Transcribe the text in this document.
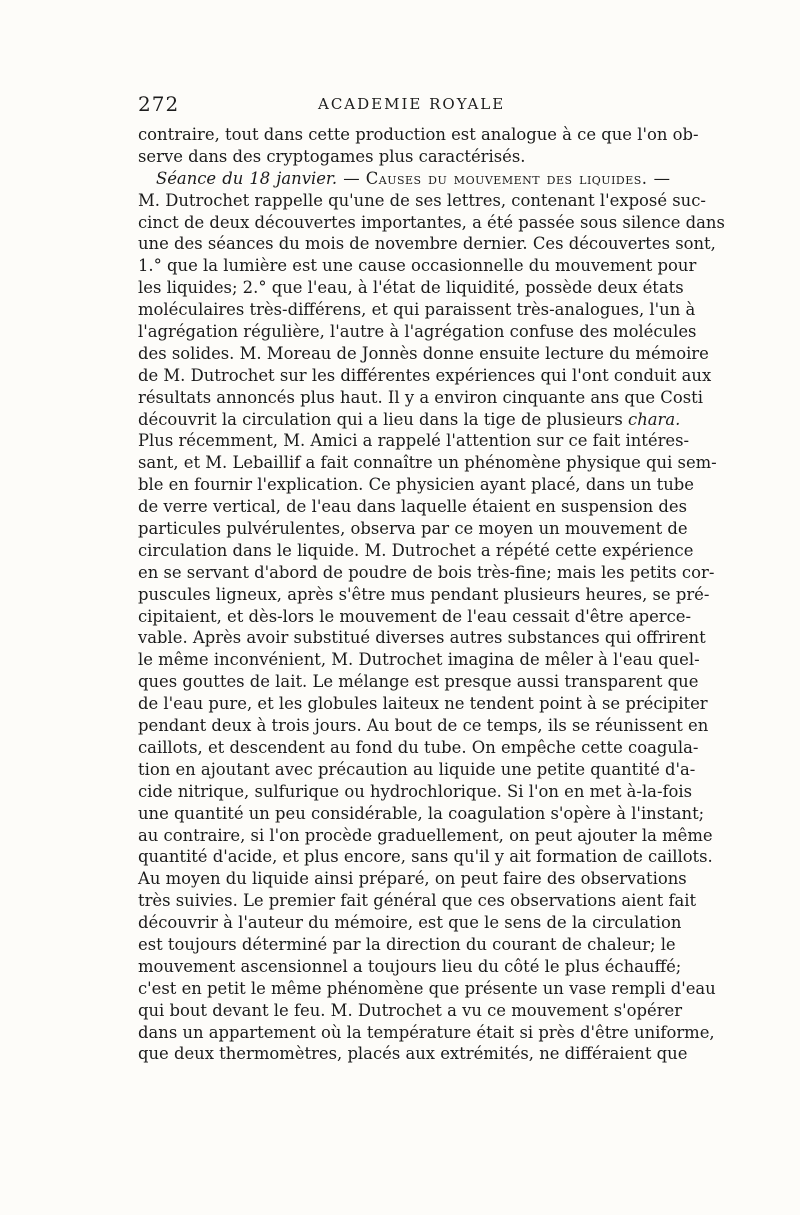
272	ACADEMIE ROYALE
contraire, tout dans cette production est analogue à ce que l'on ob-
serve dans des cryptogames plus caractérisés.
Séance du 18 janvier. — Causes du mouvement des liquides. —
M. Dutrochet rappelle qu'une de ses lettres, contenant l'exposé suc-
cinct de deux découvertes importantes, a été passée sous silence dans
une des séances du mois de novembre dernier. Ces découvertes sont,
1.° que la lumière est une cause occasionnelle du mouvement pour
les liquides; 2.° que l'eau, à l'état de liquidité, possède deux états
moléculaires très-différens, et qui paraissent très-analogues, l'un à
l'agrégation régulière, l'autre à l'agrégation confuse des molécules
des solides. M. Moreau de Jonnès donne ensuite lecture du mémoire
de M. Dutrochet sur les différentes expériences qui l'ont conduit aux
résultats annoncés plus haut. Il y a environ cinquante ans que Costi
découvrit la circulation qui a lieu dans la tige de plusieurs chara.
Plus récemment, M. Amici a rappelé l'attention sur ce fait intéres-
sant, et M. Lebaillif a fait connaître un phénomène physique qui sem-
ble en fournir l'explication. Ce physicien ayant placé, dans un tube
de verre vertical, de l'eau dans laquelle étaient en suspension des
particules pulvérulentes, observa par ce moyen un mouvement de
circulation dans le liquide. M. Dutrochet a répété cette expérience
en se servant d'abord de poudre de bois très-fine; mais les petits cor-
puscules ligneux, après s'être mus pendant plusieurs heures, se pré-
cipitaient, et dès-lors le mouvement de l'eau cessait d'être aperce-
vable. Après avoir substitué diverses autres substances qui offrirent
le même inconvénient, M. Dutrochet imagina de mêler à l'eau quel-
ques gouttes de lait. Le mélange est presque aussi transparent que
de l'eau pure, et les globules laiteux ne tendent point à se précipiter
pendant deux à trois jours. Au bout de ce temps, ils se réunissent en
caillots, et descendent au fond du tube. On empêche cette coagula-
tion en ajoutant avec précaution au liquide une petite quantité d'a-
cide nitrique, sulfurique ou hydrochlorique. Si l'on en met à-la-fois
une quantité un peu considérable, la coagulation s'opère à l'instant;
au contraire, si l'on procède graduellement, on peut ajouter la même
quantité d'acide, et plus encore, sans qu'il y ait formation de caillots.
Au moyen du liquide ainsi préparé, on peut faire des observations
très suivies. Le premier fait général que ces observations aient fait
découvrir à l'auteur du mémoire, est que le sens de la circulation
est toujours déterminé par la direction du courant de chaleur; le
mouvement ascensionnel a toujours lieu du côté le plus échauffé;
c'est en petit le même phénomène que présente un vase rempli d'eau
qui bout devant le feu. M. Dutrochet a vu ce mouvement s'opérer
dans un appartement où la température était si près d'être uniforme,
que deux thermomètres, placés aux extrémités, ne différaient que
